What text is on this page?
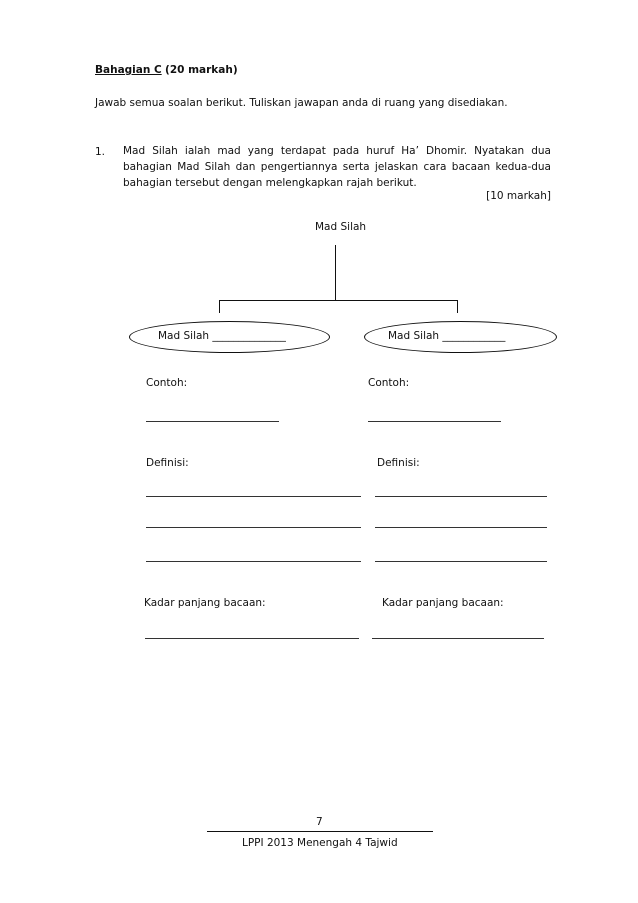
Bahagian C (20 markah)
Jawab semua soalan berikut. Tuliskan jawapan anda di ruang yang disediakan.
1. Mad Silah ialah mad yang terdapat pada huruf Ha’ Dhomir. Nyatakan dua bahagian Mad Silah dan pengertiannya serta jelaskan cara bacaan kedua-dua bahagian tersebut dengan melengkapkan rajah berikut.
[10 markah]
Mad Silah
Mad Silah ______________	Mad Silah ____________
Contoh:
Definisi:
Kadar panjang bacaan:
Contoh:
Definisi:
Kadar panjang bacaan:
7
LPPI 2013 Menengah 4 Tajwid
